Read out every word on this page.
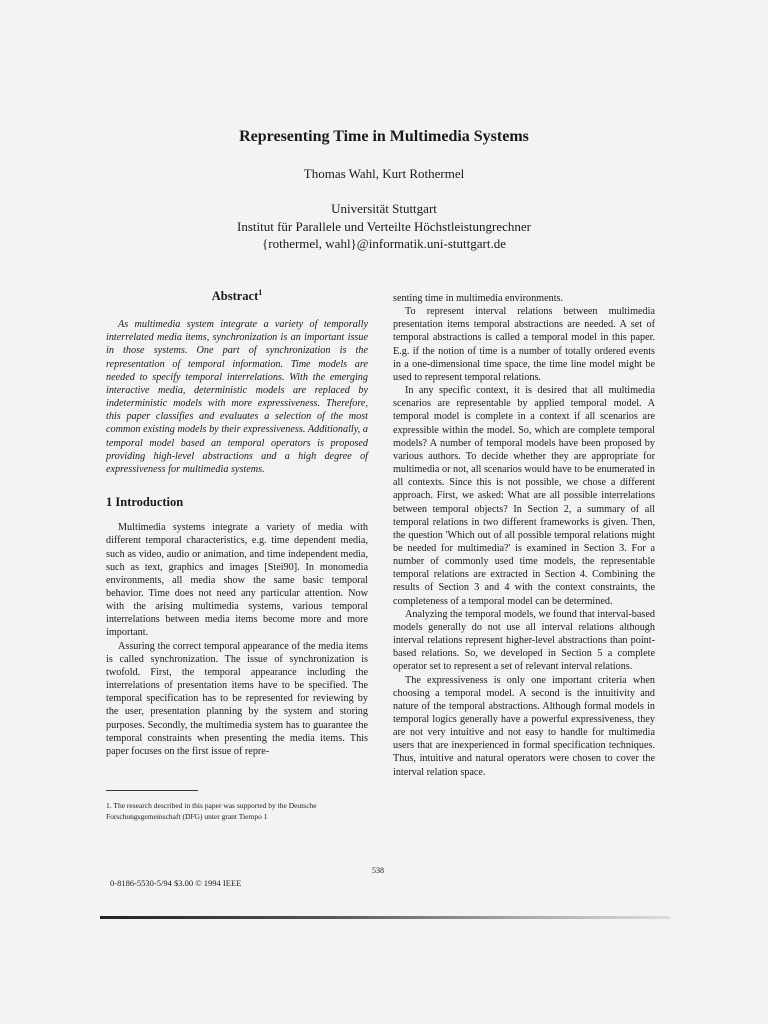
Representing Time in Multimedia Systems
Thomas Wahl, Kurt Rothermel
Universität Stuttgart
Institut für Parallele und Verteilte Höchstleistungrechner
{rothermel, wahl}@informatik.uni-stuttgart.de
Abstract$^1$

As multimedia system integrate a variety of temporally interrelated media items, synchronization is an important issue in those systems. One part of synchronization is the representation of temporal information. Time models are needed to specify temporal interrelations. With the emerging interactive media, deterministic models are replaced by indeterministic models with more expressiveness. Therefore, this paper classifies and evaluates a selection of the most common existing models by their expressiveness. Additionally, a temporal model based an temporal operators is proposed providing high-level abstractions and a high degree of expressiveness for multimedia systems.

1 Introduction

Multimedia systems integrate a variety of media with different temporal characteristics, e.g. time dependent media, such as video, audio or animation, and time independent media, such as text, graphics and images [Stei90]. In monomedia environments, all media show the same basic temporal behavior. Time does not need any particular attention. Now with the arising multimedia systems, various temporal interrelations between media items become more and more important.

Assuring the correct temporal appearance of the media items is called synchronization. The issue of synchronization is twofold. First, the temporal appearance including the interrelations of presentation items have to be specified. The temporal specification has to be represented for reviewing by the user, presentation planning by the system and storing purposes. Secondly, the multimedia system has to guarantee the temporal constraints when presenting the media items. This paper focuses on the first issue of repre-

senting time in multimedia environments.

To represent interval relations between multimedia presentation items temporal abstractions are needed. A set of temporal abstractions is called a temporal model in this paper. E.g. if the notion of time is a number of totally ordered events in a one-dimensional time space, the time line model might be used to represent temporal relations.

In any specific context, it is desired that all multimedia scenarios are representable by applied temporal model. A temporal model is complete in a context if all scenarios are expressible within the model. So, which are complete temporal models? A number of temporal models have been proposed by various authors. To decide whether they are appropriate for multimedia or not, all scenarios would have to be enumerated in all contexts. Since this is not possible, we chose a different approach. First, we asked: What are all possible interrelations between temporal objects? In Section 2, a summary of all temporal relations in two different frameworks is given. Then, the question 'Which out of all possible temporal relations might be needed for multimedia?' is examined in Section 3. For a number of commonly used time models, the representable temporal relations are extracted in Section 4. Combining the results of Section 3 and 4 with the context constraints, the completeness of a temporal model can be determined.

Analyzing the temporal models, we found that interval-based models generally do not use all interval relations although interval relations represent higher-level abstractions than point-based relations. So, we developed in Section 5 a complete operator set to represent a set of relevant interval relations.

The expressiveness is only one important criteria when choosing a temporal model. A second is the intuitivity and nature of the temporal abstractions. Although formal models in temporal logics generally have a powerful expressiveness, they are not very intuitive and not easy to handle for multimedia users that are inexperienced in formal specification techniques. Thus, intuitive and natural operators were chosen to cover the interval relation space.

1. The research described in this paper was supported by the Deutsche Forschungsgemeinschaft (DFG) unter grant Tiempo 1
538
0-8186-5530-5/94 $3.00 © 1994 IEEE
